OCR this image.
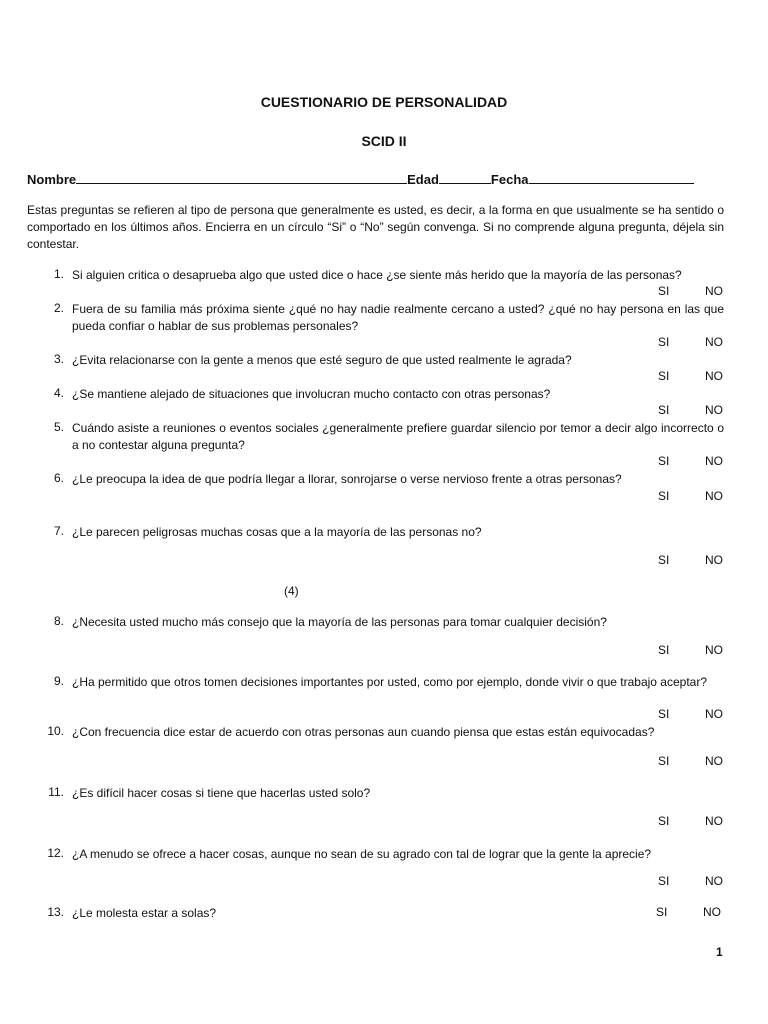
CUESTIONARIO DE PERSONALIDAD
SCID II
Nombre	Edad	Fecha
Estas preguntas se refieren al tipo de persona que generalmente es usted, es decir, a la forma en que usualmente se ha sentido o comportado en los últimos años. Encierra en un círculo “Si” o “No” según convenga. Si no comprende alguna pregunta, déjela sin contestar.
1. Si alguien critica o desaprueba algo que usted dice o hace ¿se siente más herido que la mayoría de las personas?
SI	NO
2. Fuera de su familia más próxima siente ¿qué no hay nadie realmente cercano a usted? ¿qué no hay persona en las que pueda confiar o hablar de sus problemas personales?
SI	NO
3. ¿Evita relacionarse con la gente a menos que esté seguro de que usted realmente le agrada?
SI	NO
4. ¿Se mantiene alejado de situaciones que involucran mucho contacto con otras personas?
SI	NO
5. Cuándo asiste a reuniones o eventos sociales ¿generalmente prefiere guardar silencio por temor a decir algo incorrecto o a no contestar alguna pregunta?
SI	NO
6. ¿Le preocupa la idea de que podría llegar a llorar, sonrojarse o verse nervioso frente a otras personas?
SI	NO
7. ¿Le parecen peligrosas muchas cosas que a la mayoría de las personas no?
SI	NO
(4)
8. ¿Necesita usted mucho más consejo que la mayoría de las personas para tomar cualquier decisión?
SI	NO
9. ¿Ha permitido que otros tomen decisiones importantes por usted, como por ejemplo, donde vivir o que trabajo aceptar?
SI	NO
10. ¿Con frecuencia dice estar de acuerdo con otras personas aun cuando piensa que estas están equivocadas?
SI	NO
11. ¿Es difícil hacer cosas si tiene que hacerlas usted solo?
SI	NO
12. ¿A menudo se ofrece a hacer cosas, aunque no sean de su agrado con tal de lograr que la gente la aprecie?
SI	NO
13. ¿Le molesta estar a solas?	SI	NO
1
